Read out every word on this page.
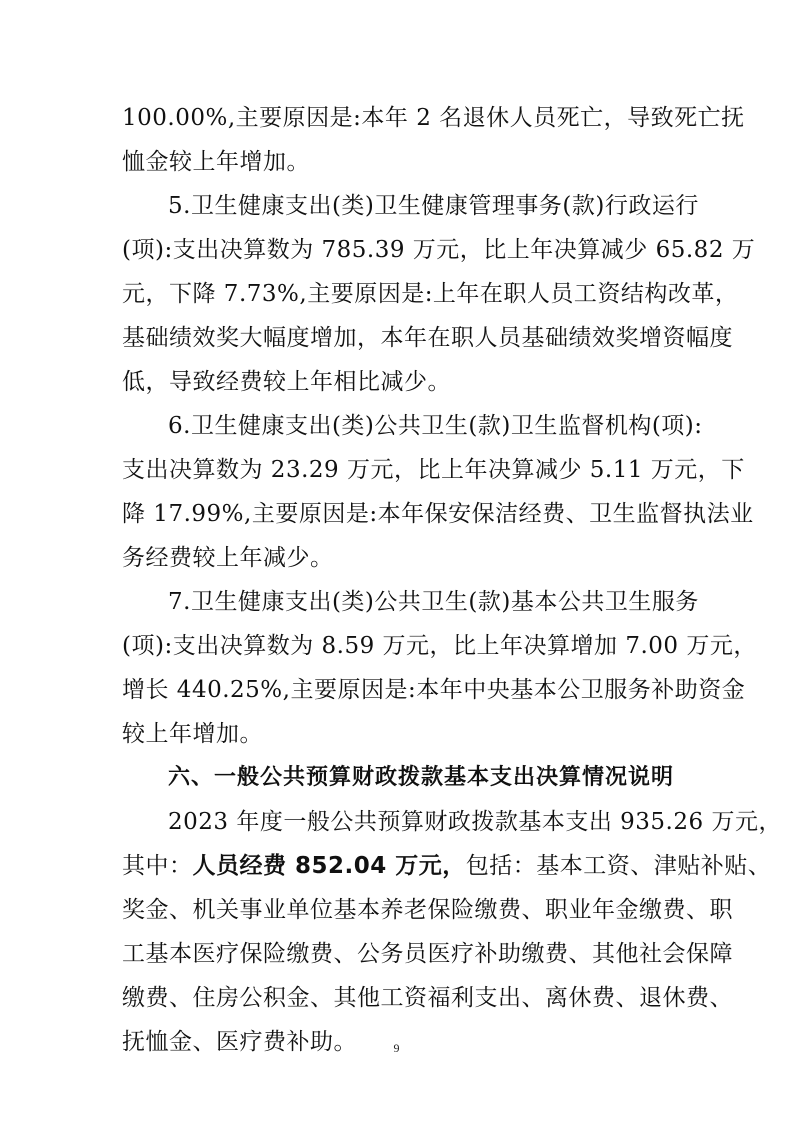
100.00%,主要原因是:本年 2 名退休人员死亡，导致死亡抚
恤金较上年增加。
5.卫生健康支出(类)卫生健康管理事务(款)行政运行
(项):支出决算数为 785.39 万元，比上年决算减少 65.82 万
元，下降 7.73%,主要原因是:上年在职人员工资结构改革，
基础绩效奖大幅度增加，本年在职人员基础绩效奖增资幅度
低，导致经费较上年相比减少。
6.卫生健康支出(类)公共卫生(款)卫生监督机构(项):
支出决算数为 23.29 万元，比上年决算减少 5.11 万元，下
降 17.99%,主要原因是:本年保安保洁经费、卫生监督执法业
务经费较上年减少。
7.卫生健康支出(类)公共卫生(款)基本公共卫生服务
(项):支出决算数为 8.59 万元，比上年决算增加 7.00 万元，
增长 440.25%,主要原因是:本年中央基本公卫服务补助资金
较上年增加。
六、一般公共预算财政拨款基本支出决算情况说明
2023 年度一般公共预算财政拨款基本支出 935.26 万元，
其中：人员经费 852.04 万元，包括：基本工资、津贴补贴、
奖金、机关事业单位基本养老保险缴费、职业年金缴费、职
工基本医疗保险缴费、公务员医疗补助缴费、其他社会保障
缴费、住房公积金、其他工资福利支出、离休费、退休费、
9
抚恤金、医疗费补助。
